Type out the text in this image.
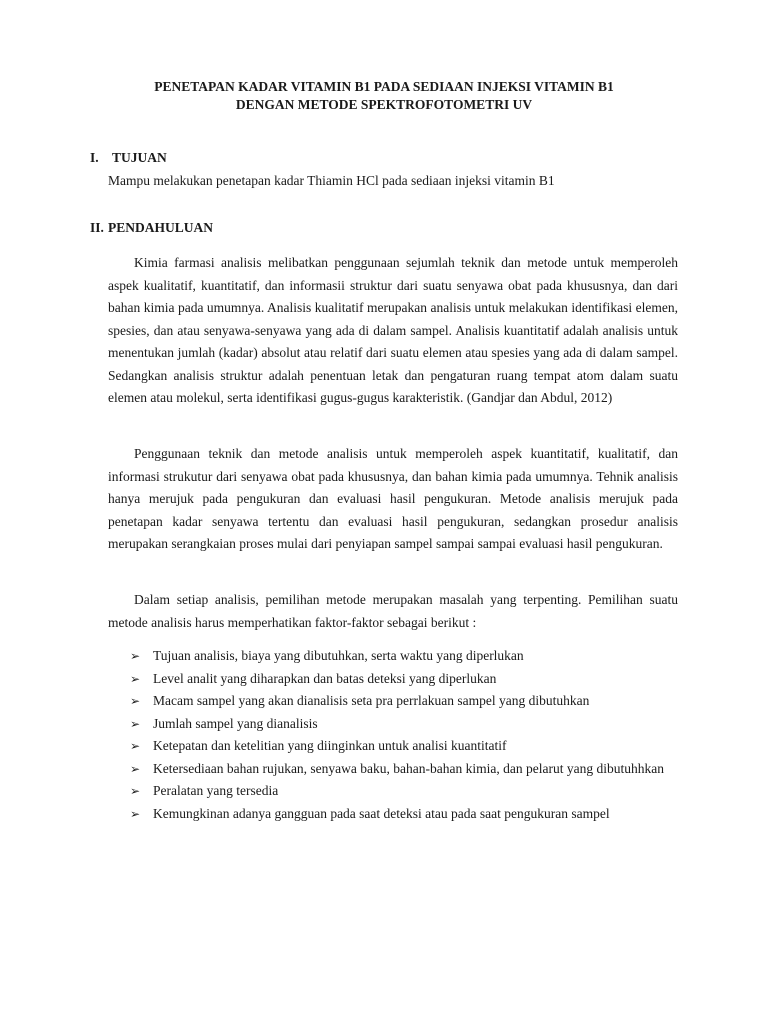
PENETAPAN KADAR VITAMIN B1 PADA SEDIAAN INJEKSI VITAMIN B1
DENGAN METODE SPEKTROFOTOMETRI UV
I. TUJUAN
Mampu melakukan penetapan kadar Thiamin HCl pada sediaan injeksi vitamin B1
II. PENDAHULUAN

Kimia farmasi analisis melibatkan penggunaan sejumlah teknik dan metode untuk memperoleh aspek kualitatif, kuantitatif, dan informasii struktur dari suatu senyawa obat pada khususnya, dan dari bahan kimia pada umumnya. Analisis kualitatif merupakan analisis untuk melakukan identifikasi elemen, spesies, dan atau senyawa-senyawa yang ada di dalam sampel. Analisis kuantitatif adalah analisis untuk menentukan jumlah (kadar) absolut atau relatif dari suatu elemen atau spesies yang ada di dalam sampel. Sedangkan analisis struktur adalah penentuan letak dan pengaturan ruang tempat atom dalam suatu elemen atau molekul, serta identifikasi gugus-gugus karakteristik. (Gandjar dan Abdul, 2012)

Penggunaan teknik dan metode analisis untuk memperoleh aspek kuantitatif, kualitatif, dan informasi strukutur dari senyawa obat pada khususnya, dan bahan kimia pada umumnya. Tehnik analisis hanya merujuk pada pengukuran dan evaluasi hasil pengukuran. Metode analisis merujuk pada penetapan kadar senyawa tertentu dan evaluasi hasil pengukuran, sedangkan prosedur analisis merupakan serangkaian proses mulai dari penyiapan sampel sampai sampai evaluasi hasil pengukuran.

Dalam setiap analisis, pemilihan metode merupakan masalah yang terpenting. Pemilihan suatu metode analisis harus memperhatikan faktor-faktor sebagai berikut :

➢ Tujuan analisis, biaya yang dibutuhkan, serta waktu yang diperlukan
➢ Level analit yang diharapkan dan batas deteksi yang diperlukan
➢ Macam sampel yang akan dianalisis seta pra perrlakuan sampel yang dibutuhkan
➢ Jumlah sampel yang dianalisis
➢ Ketepatan dan ketelitian yang diinginkan untuk analisi kuantitatif
➢ Ketersediaan bahan rujukan, senyawa baku, bahan-bahan kimia, dan pelarut yang dibutuhhkan
➢ Peralatan yang tersedia
➢ Kemungkinan adanya gangguan pada saat deteksi atau pada saat pengukuran sampel
